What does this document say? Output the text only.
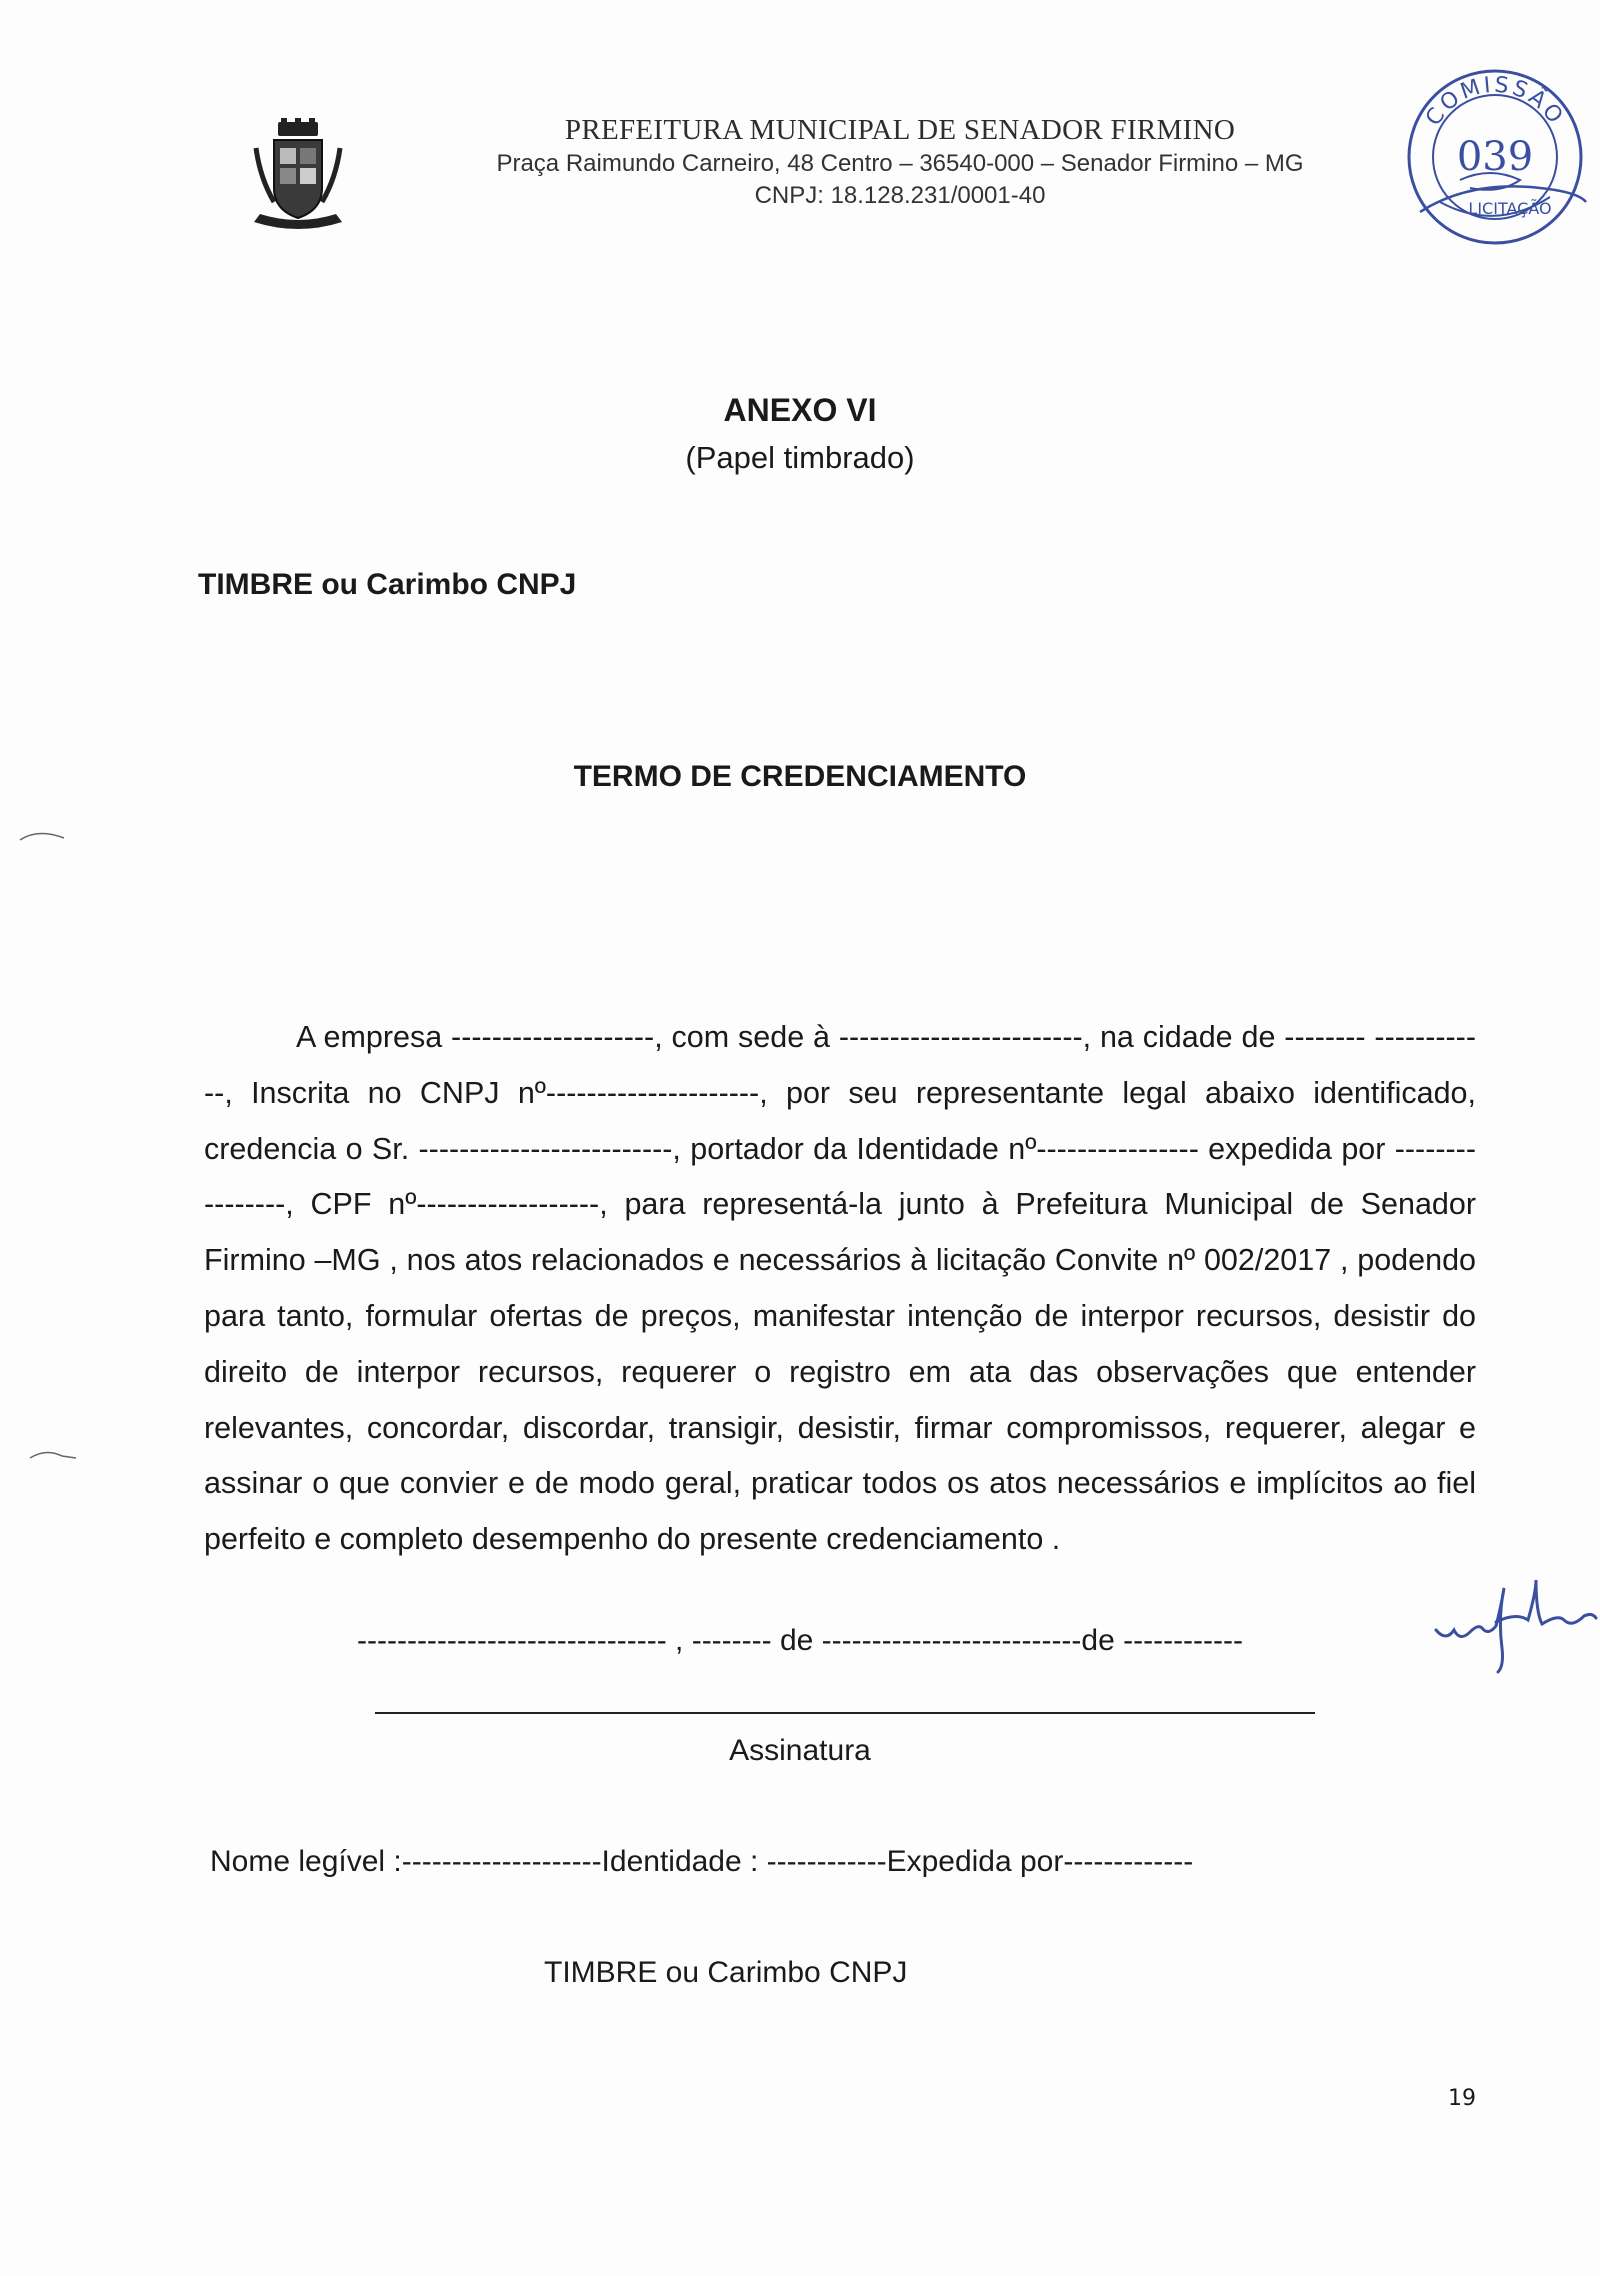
PREFEITURA MUNICIPAL DE SENADOR FIRMINO
Praça Raimundo Carneiro, 48 Centro – 36540-000 – Senador Firmino – MG
CNPJ: 18.128.231/0001-40
COMISSÃO
039
LICITAÇÃO
ANEXO VI
(Papel timbrado)
TIMBRE ou Carimbo CNPJ
TERMO DE CREDENCIAMENTO

A empresa --------------------, com sede à ------------------------, na cidade de -------- ------------, Inscrita no CNPJ nº---------------------, por seu representante legal abaixo identificado, credencia o Sr. -------------------------, portador da Identidade nº---------------- expedida por ----------------, CPF nº------------------, para representá-la junto à Prefeitura Municipal de Senador Firmino –MG , nos atos relacionados e necessários à licitação Convite nº 002/2017 , podendo para tanto, formular ofertas de preços, manifestar intenção de interpor recursos, desistir do direito de interpor recursos, requerer o registro em ata das observações que entender relevantes, concordar, discordar, transigir, desistir, firmar compromissos, requerer, alegar e assinar o que convier e de modo geral, praticar todos os atos necessários e implícitos ao fiel perfeito e completo desempenho do presente credenciamento .

------------------------------- , -------- de --------------------------de ------------
Assinatura
Nome legível :--------------------Identidade : ------------Expedida por-------------
TIMBRE ou Carimbo CNPJ
19
